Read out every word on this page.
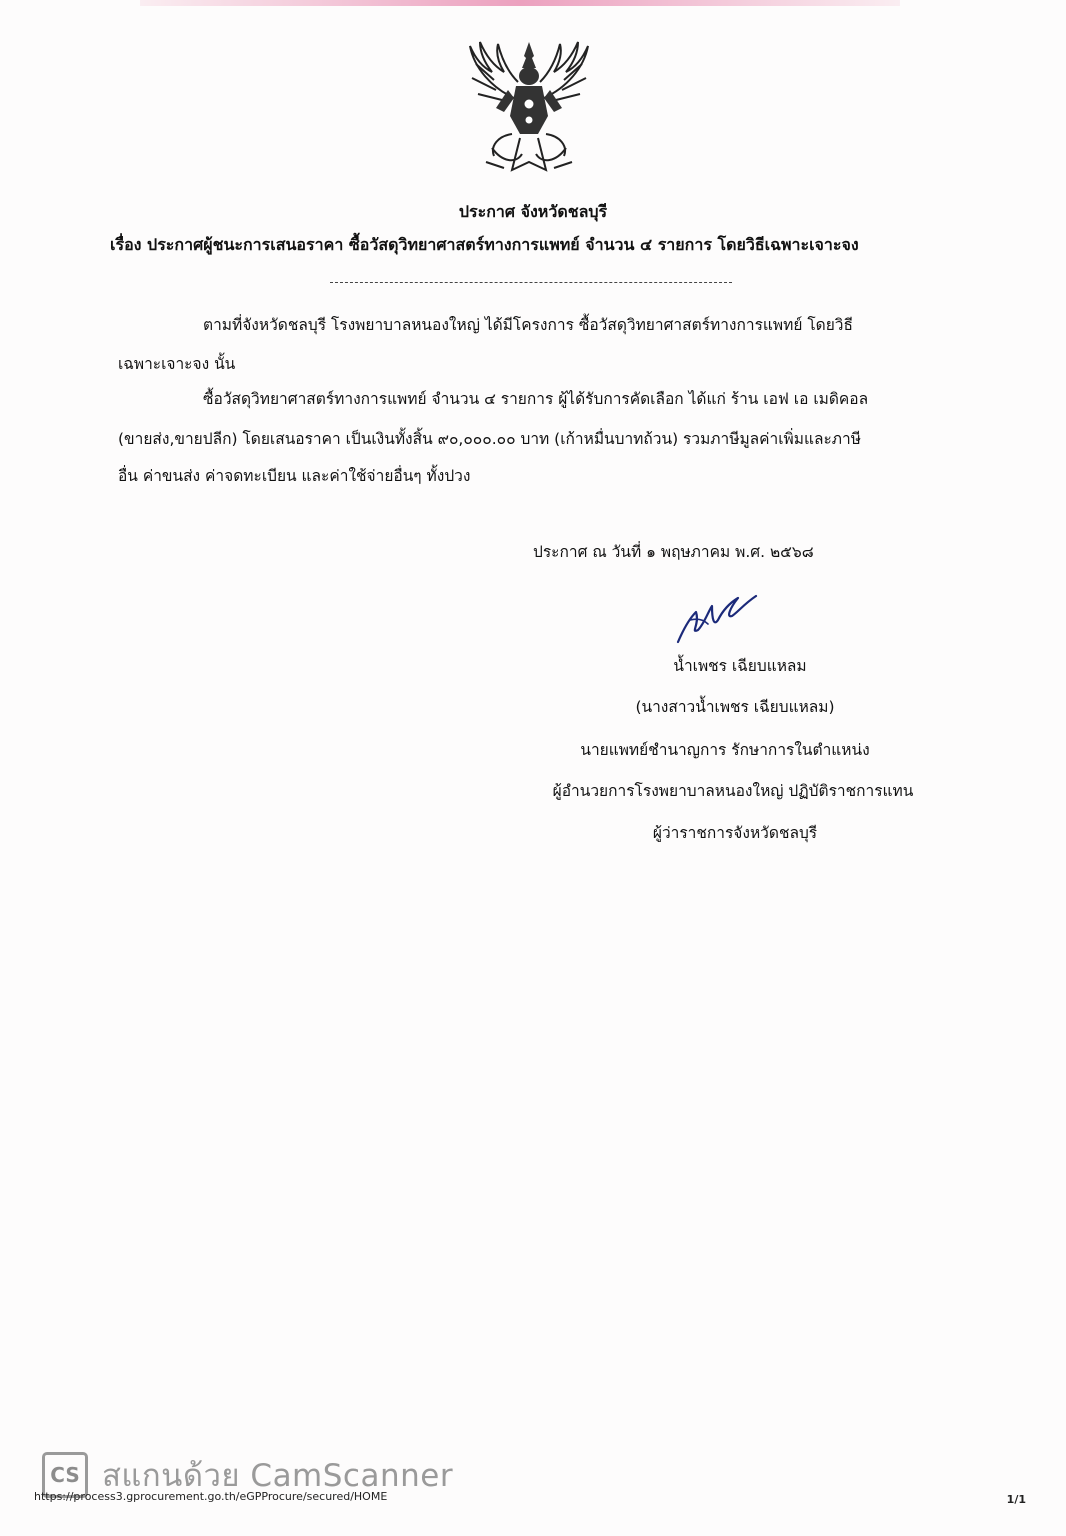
ประกาศ จังหวัดชลบุรี
เรื่อง ประกาศผู้ชนะการเสนอราคา ซื้อวัสดุวิทยาศาสตร์ทางการแพทย์ จำนวน ๔ รายการ โดยวิธีเฉพาะเจาะจง
ตามที่จังหวัดชลบุรี โรงพยาบาลหนองใหญ่ ได้มีโครงการ ซื้อวัสดุวิทยาศาสตร์ทางการแพทย์ โดยวิธี
เฉพาะเจาะจง นั้น
ซื้อวัสดุวิทยาศาสตร์ทางการแพทย์ จำนวน ๔ รายการ ผู้ได้รับการคัดเลือก ได้แก่ ร้าน เอฟ เอ เมดิคอล
(ขายส่ง,ขายปลีก) โดยเสนอราคา เป็นเงินทั้งสิ้น ๙๐,๐๐๐.๐๐ บาท (เก้าหมื่นบาทถ้วน) รวมภาษีมูลค่าเพิ่มและภาษี
อื่น ค่าขนส่ง ค่าจดทะเบียน และค่าใช้จ่ายอื่นๆ ทั้งปวง
ประกาศ ณ วันที่ ๑ พฤษภาคม พ.ศ. ๒๕๖๘
น้ำเพชร เฉียบแหลม
(นางสาวน้ำเพชร เฉียบแหลม)
นายแพทย์ชำนาญการ รักษาการในตำแหน่ง
ผู้อำนวยการโรงพยาบาลหนองใหญ่ ปฏิบัติราชการแทน
ผู้ว่าราชการจังหวัดชลบุรี
CS สแกนด้วย CamScanner
https://process3.gprocurement.go.th/eGPProcure/secured/HOME	1/1
